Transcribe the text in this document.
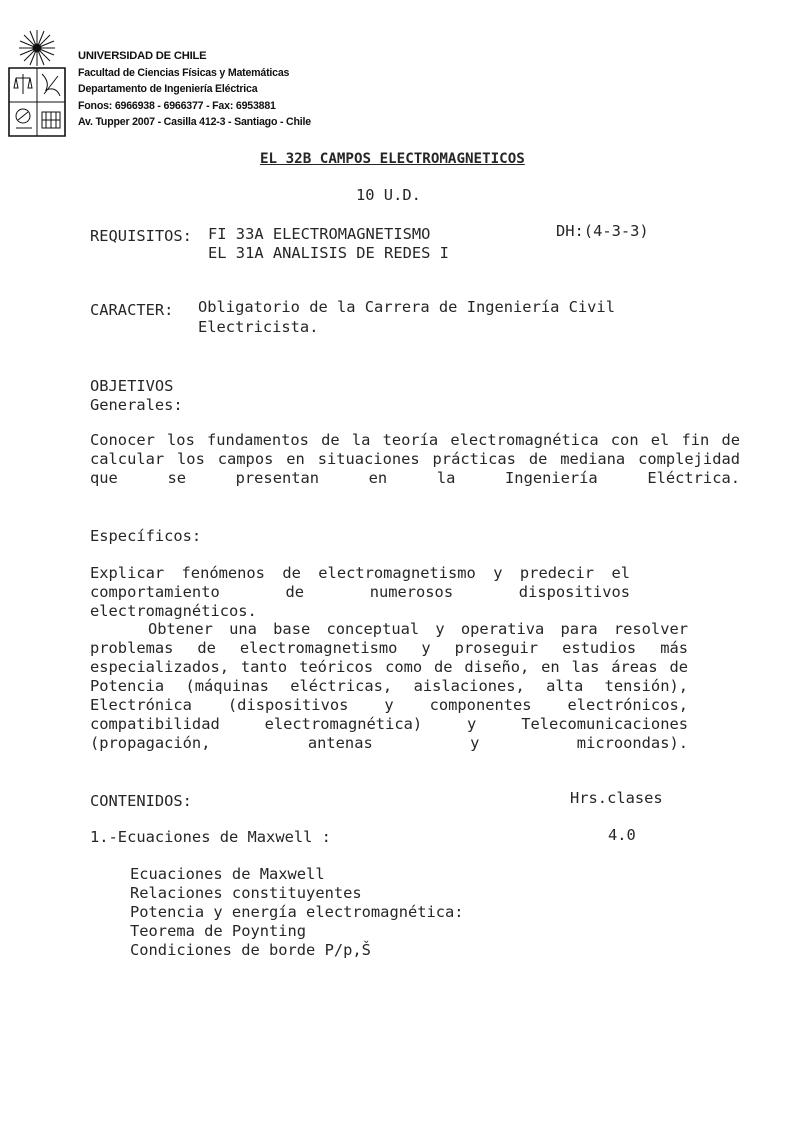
UNIVERSIDAD DE CHILE
Facultad de Ciencias Físicas y Matemáticas
Departamento de Ingeniería Eléctrica
Fonos: 6966938 - 6966377 - Fax: 6953881
Av. Tupper 2007 - Casilla 412-3 - Santiago - Chile
EL 32B CAMPOS ELECTROMAGNETICOS
10 U.D.
REQUISITOS: FI 33A ELECTROMAGNETISMO
EL 31A ANALISIS DE REDES I
DH:(4-3-3)
CARACTER: Obligatorio de la Carrera de Ingeniería Civil
Electricista.
OBJETIVOS
Generales:
Conocer los fundamentos de la teoría electromagnética con el fin de calcular los campos en situaciones prácticas de mediana complejidad que se presentan en la Ingeniería Eléctrica.
Específicos:
Explicar fenómenos de electromagnetismo y predecir el comportamiento de numerosos dispositivos electromagnéticos.
Obtener una base conceptual y operativa para resolver problemas de electromagnetismo y proseguir estudios más especializados, tanto teóricos como de diseño, en las áreas de Potencia (máquinas eléctricas, aislaciones, alta tensión), Electrónica (dispositivos y componentes electrónicos, compatibilidad electromagnética) y Telecomunicaciones (propagación, antenas y microondas).
CONTENIDOS:	Hrs.clases
1.-Ecuaciones de Maxwell :	4.0
Ecuaciones de Maxwell
Relaciones constituyentes
Potencia y energía electromagnética:
Teorema de Poynting
Condiciones de borde P/p,Š
